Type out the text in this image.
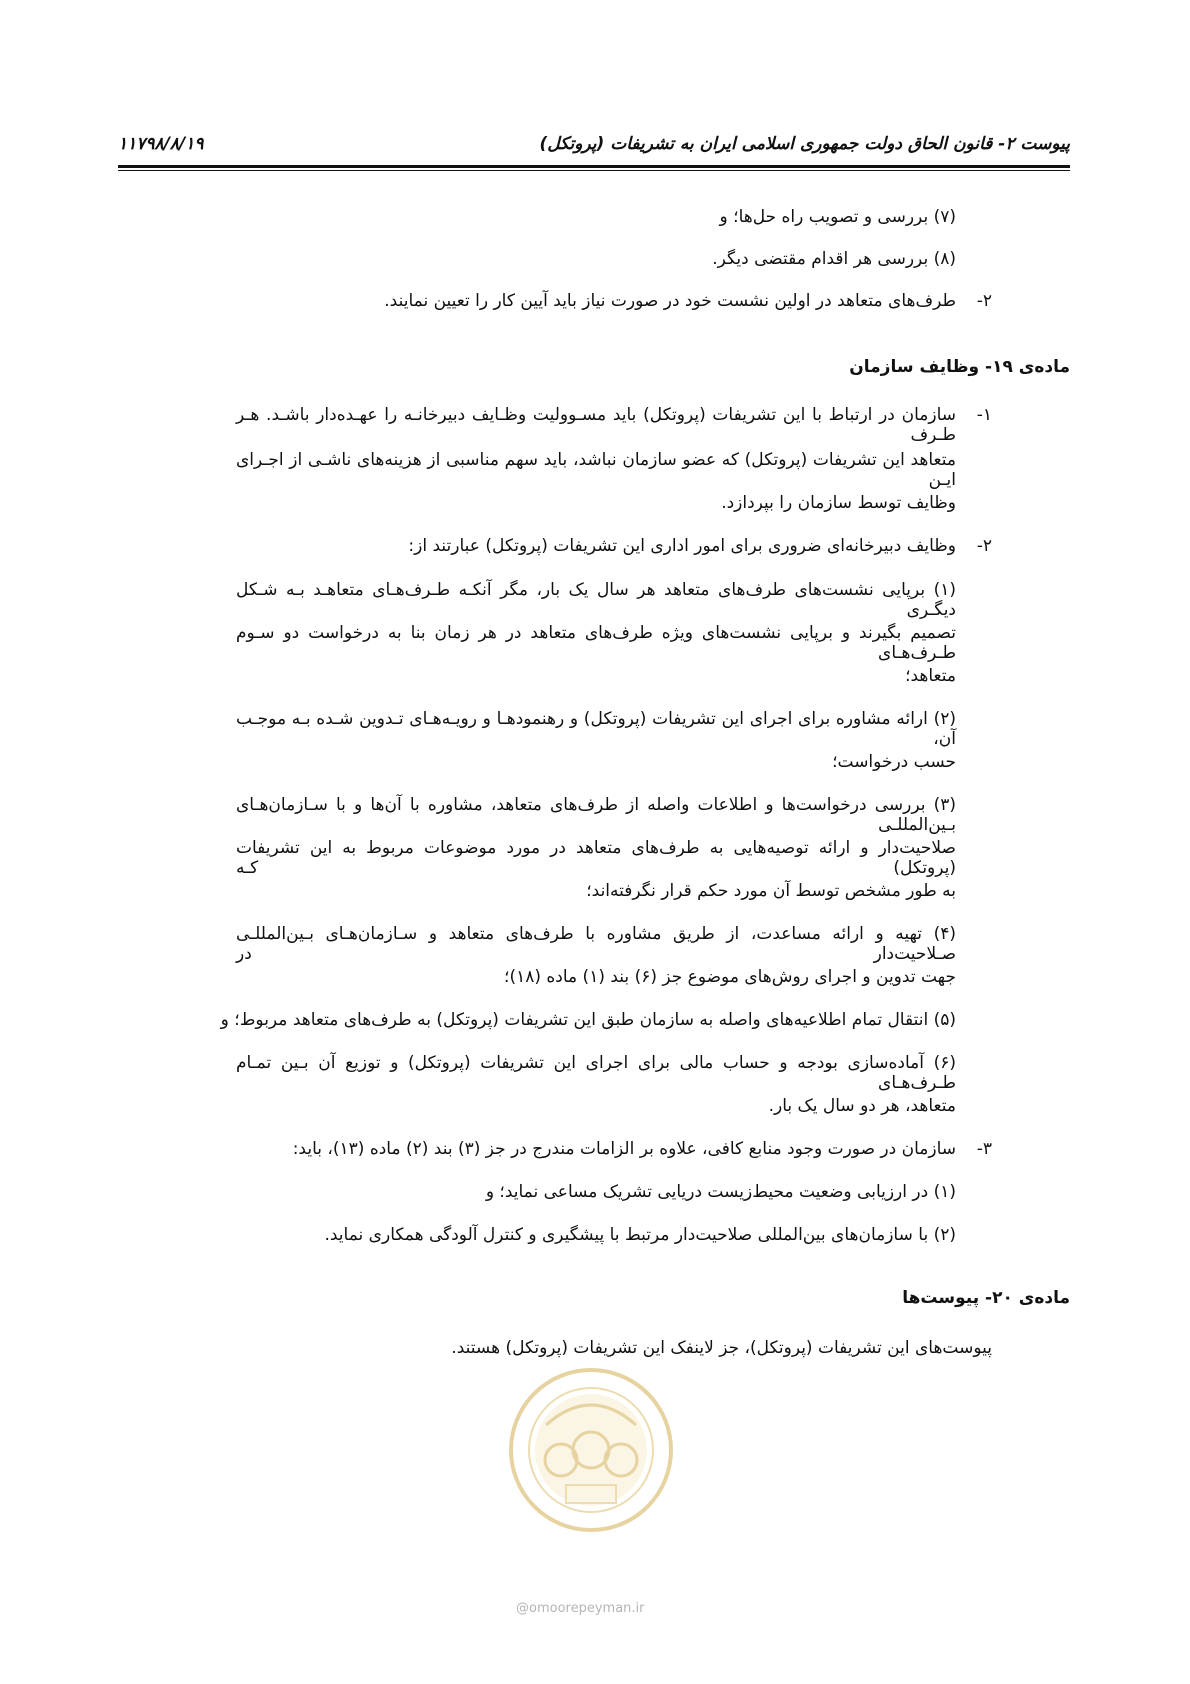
پیوست ۲- قانون الحاق دولت جمهوری اسلامی ایران به تشریفات (پروتکل)
۱۱۷۹۸/۸/۱۹
(۷) بررسی و تصویب راه حل‌ها؛ و
(۸) بررسی هر اقدام مقتضی دیگر.
۲-
طرف‌های متعاهد در اولین نشست خود در صورت نیاز باید آیین کار را تعیین نمایند.
ماده‌ی ۱۹- وظایف سازمان
۱-
سازمان در ارتباط با این تشریفات (پروتکل) باید مسـوولیت وظـایف دبیرخانـه را عهـده‌دار باشـد. هـر طـرف
متعاهد این تشریفات (پروتکل) که عضو سازمان نباشد، باید سهم مناسبی از هزینه‌های ناشـی از اجـرای ایـن
وظایف توسط سازمان را بپردازد.
۲-
وظایف دبیرخانه‌ای ضروری برای امور اداری این تشریفات (پروتکل) عبارتند از:
(۱) برپایی نشست‌های طرف‌های متعاهد هر سال یک بار، مگر آنکـه طـرف‌هـای متعاهـد بـه شـکل دیگـری
تصمیم بگیرند و برپایی نشست‌های ویژه طرف‌های متعاهد در هر زمان بنا به درخواست دو سـوم طـرف‌هـای
متعاهد؛
(۲) ارائه مشاوره برای اجرای این تشریفات (پروتکل) و رهنمودهـا و رویـه‌هـای تـدوین شـده بـه موجـب آن،
حسب درخواست؛
(۳) بررسی درخواست‌ها و اطلاعات واصله از طرف‌های متعاهد، مشاوره با آن‌ها و با سـازمان‌هـای بـین‌المللـی
صلاحیت‌دار و ارائه توصیه‌هایی به طرف‌های متعاهد در مورد موضوعات مربوط به این تشریفات (پروتکل) کـه
به طور مشخص توسط آن مورد حکم قرار نگرفته‌اند؛
(۴) تهیه و ارائه مساعدت، از طریق مشاوره با طرف‌های متعاهد و سـازمان‌هـای بـین‌المللـی صـلاحیت‌دار در
جهت تدوین و اجرای روش‌های موضوع جز (۶) بند (۱) ماده (۱۸)؛
(۵) انتقال تمام اطلاعیه‌های واصله به سازمان طبق این تشریفات (پروتکل) به طرف‌های متعاهد مربوط؛ و
(۶) آماده‌سازی بودجه و حساب مالی برای اجرای این تشریفات (پروتکل) و توزیع آن بـین تمـام طـرف‌هـای
متعاهد، هر دو سال یک بار.
۳-
سازمان در صورت وجود منابع کافی، علاوه بر الزامات مندرج در جز (۳) بند (۲) ماده (۱۳)، باید:
(۱) در ارزیابی وضعیت محیط‌زیست دریایی تشریک مساعی نماید؛ و
(۲) با سازمان‌های بین‌المللی صلاحیت‌دار مرتبط با پیشگیری و کنترل آلودگی همکاری نماید.
ماده‌ی ۲۰- پیوست‌ها
پیوست‌های این تشریفات (پروتکل)، جز لاینفک این تشریفات (پروتکل) هستند.
@omoorepeyman.ir
